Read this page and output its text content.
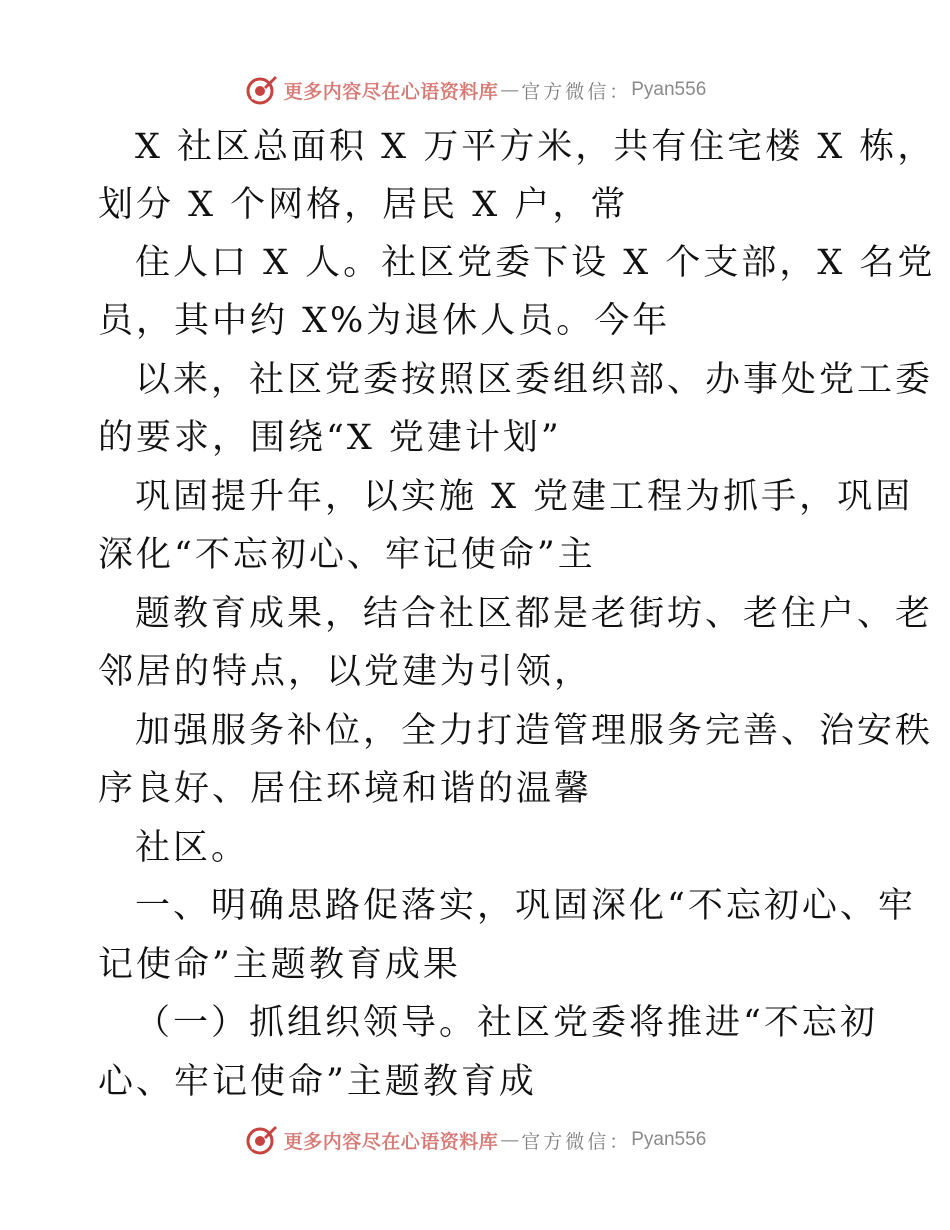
更多内容尽在心语资料库 — 官方微信： Pyan556
X 社区总面积 X 万平方米，共有住宅楼 X 栋，
划分 X 个网格，居民 X 户，常
住人口 X 人。社区党委下设 X 个支部，X 名党
员，其中约 X%为退休人员。今年
以来，社区党委按照区委组织部、办事处党工委
的要求，围绕“X 党建计划”
巩固提升年，以实施 X 党建工程为抓手，巩固
深化“不忘初心、牢记使命”主
题教育成果，结合社区都是老街坊、老住户、老
邻居的特点，以党建为引领，
加强服务补位，全力打造管理服务完善、治安秩
序良好、居住环境和谐的温馨
社区。
一、明确思路促落实，巩固深化“不忘初心、牢
记使命”主题教育成果
（一）抓组织领导。社区党委将推进“不忘初
心、牢记使命”主题教育成
更多内容尽在心语资料库 — 官方微信： Pyan556
